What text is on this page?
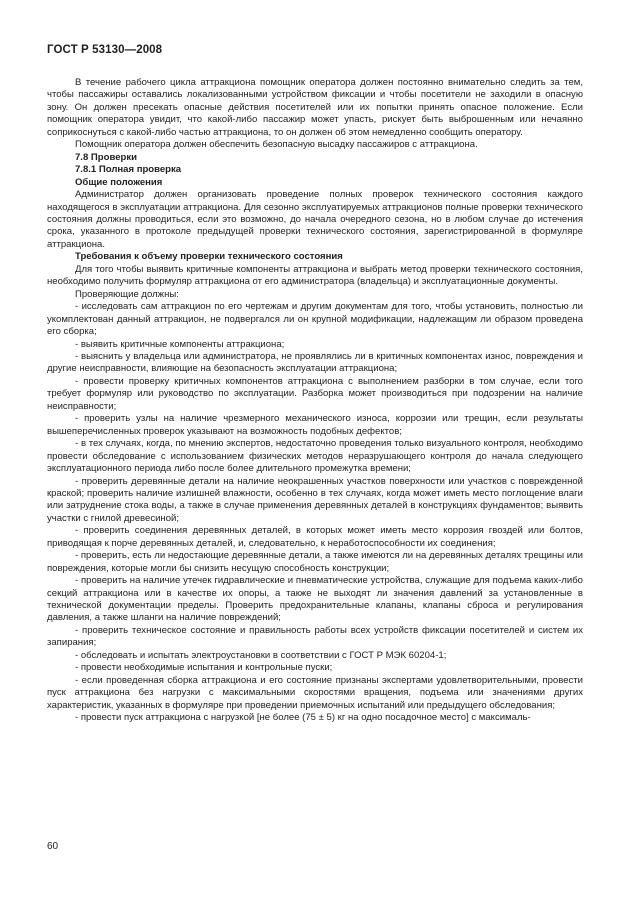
ГОСТ Р 53130—2008

В течение рабочего цикла аттракциона помощник оператора должен постоянно внимательно следить за тем, чтобы пассажиры оставались локализованными устройством фиксации и чтобы посетители не заходили в опасную зону. Он должен пресекать опасные действия посетителей или их попытки принять опасное положение. Если помощник оператора увидит, что какой-либо пассажир может упасть, рискует быть выброшенным или нечаянно соприкоснуться с какой-либо частью аттракциона, то он должен об этом немедленно сообщить оператору.

Помощник оператора должен обеспечить безопасную высадку пассажиров с аттракциона.

7.8 Проверки

7.8.1 Полная проверка

Общие положения

Администратор должен организовать проведение полных проверок технического состояния каждого находящегося в эксплуатации аттракциона. Для сезонно эксплуатируемых аттракционов полные проверки технического состояния должны проводиться, если это возможно, до начала очередного сезона, но в любом случае до истечения срока, указанного в протоколе предыдущей проверки технического состояния, зарегистрированной в формуляре аттракциона.

Требования к объему проверки технического состояния

Для того чтобы выявить критичные компоненты аттракциона и выбрать метод проверки технического состояния, необходимо получить формуляр аттракциона от его администратора (владельца) и эксплуатационные документы.

Проверяющие должны:

- исследовать сам аттракцион по его чертежам и другим документам для того, чтобы установить, полностью ли укомплектован данный аттракцион, не подвергался ли он крупной модификации, надлежащим ли образом проведена его сборка;

- выявить критичные компоненты аттракциона;

- выяснить у владельца или администратора, не проявлялись ли в критичных компонентах износ, повреждения и другие неисправности, влияющие на безопасность эксплуатации аттракциона;

- провести проверку критичных компонентов аттракциона с выполнением разборки в том случае, если того требует формуляр или руководство по эксплуатации. Разборка может производиться при подозрении на наличие неисправности;

- проверить узлы на наличие чрезмерного механического износа, коррозии или трещин, если результаты вышеперечисленных проверок указывают на возможность подобных дефектов;

- в тех случаях, когда, по мнению экспертов, недостаточно проведения только визуального контроля, необходимо провести обследование с использованием физических методов неразрушающего контроля до начала следующего эксплуатационного периода либо после более длительного промежутка времени;

- проверить деревянные детали на наличие неокрашенных участков поверхности или участков с поврежденной краской; проверить наличие излишней влажности, особенно в тех случаях, когда может иметь место поглощение влаги или затруднение стока воды, а также в случае применения деревянных деталей в конструкциях фундаментов; выявить участки с гнилой древесиной;

- проверить соединения деревянных деталей, в которых может иметь место коррозия гвоздей или болтов, приводящая к порче деревянных деталей, и, следовательно, к неработоспособности их соединения;

- проверить, есть ли недостающие деревянные детали, а также имеются ли на деревянных деталях трещины или повреждения, которые могли бы снизить несущую способность конструкции;

- проверить на наличие утечек гидравлические и пневматические устройства, служащие для подъема каких-либо секций аттракциона или в качестве их опоры, а также не выходят ли значения давлений за установленные в технической документации пределы. Проверить предохранительные клапаны, клапаны сброса и регулирования давления, а также шланги на наличие повреждений;

- проверить техническое состояние и правильность работы всех устройств фиксации посетителей и систем их запирания;

- обследовать и испытать электроустановки в соответствии с ГОСТ Р МЭК 60204-1;

- провести необходимые испытания и контрольные пуски;

- если проведенная сборка аттракциона и его состояние признаны экспертами удовлетворительными, провести пуск аттракциона без нагрузки с максимальными скоростями вращения, подъема или значениями других характеристик, указанных в формуляре при проведении приемочных испытаний или предыдущего обследования;

- провести пуск аттракциона с нагрузкой [не более (75 ± 5) кг на одно посадочное место] с максималь-

60
